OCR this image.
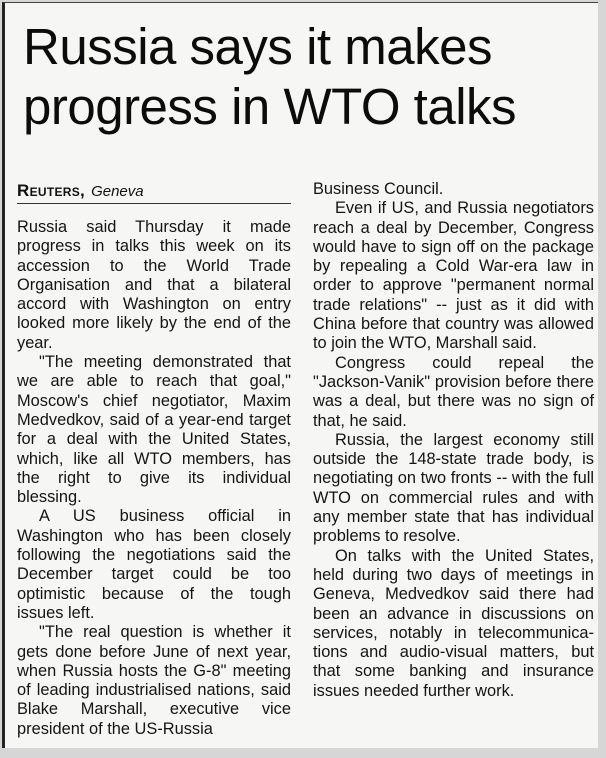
Russia says it makes
progress in WTO talks
Reuters, Geneva

Russia said Thursday it made progress in talks this week on its accession to the World Trade Organisation and that a bilateral accord with Washington on entry looked more likely by the end of the year.

"The meeting demonstrated that we are able to reach that goal," Moscow's chief negotiator, Maxim Medvedkov, said of a year-end target for a deal with the United States, which, like all WTO members, has the right to give its individual blessing.

A US business official in Washington who has been closely following the negotiations said the December target could be too optimistic because of the tough issues left.

"The real question is whether it gets done before June of next year, when Russia hosts the G-8" meeting of leading industrialised nations, said Blake Marshall, executive vice president of the US-Russia

Business Council.

Even if US, and Russia negotiators reach a deal by December, Congress would have to sign off on the package by repealing a Cold War-era law in order to approve "permanent normal trade relations" -- just as it did with China before that country was allowed to join the WTO, Marshall said.

Congress could repeal the "Jackson-Vanik" provision before there was a deal, but there was no sign of that, he said.

Russia, the largest economy still outside the 148-state trade body, is negotiating on two fronts -- with the full WTO on commercial rules and with any member state that has individual problems to resolve.

On talks with the United States, held during two days of meetings in Geneva, Medvedkov said there had been an advance in discussions on services, notably in telecommunications and audio-visual matters, but that some banking and insurance issues needed further work.
